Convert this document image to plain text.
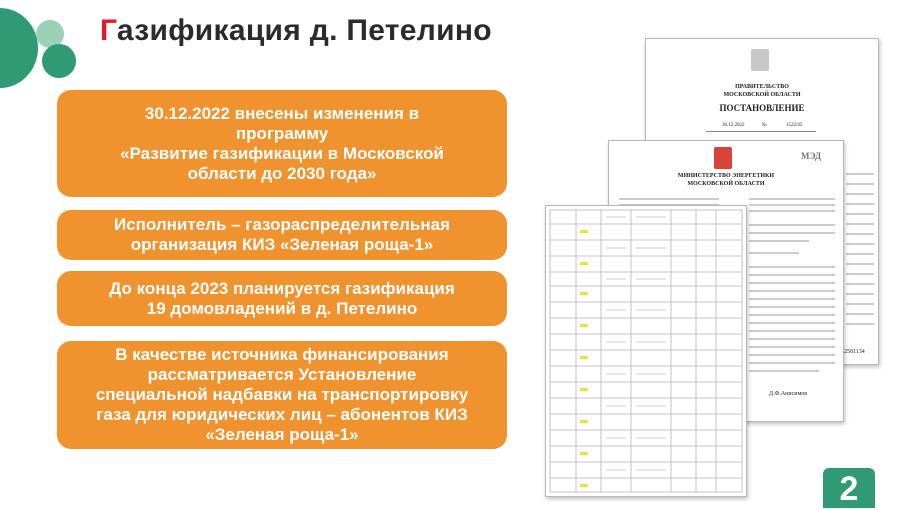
Газификация д. Петелино
30.12.2022 внесены изменения в
программу
«Развитие газификации в Московской
области до 2030 года»
Исполнитель – газораспределительная
организация КИЗ «Зеленая роща-1»
До конца 2023 планируется газификация
19 домовладений в д. Петелино
В качестве источника финансирования
рассматривается Установление
специальной надбавки на транспортировку
газа для юридических лиц – абонентов КИЗ
«Зеленая роща-1»
ПРАВИТЕЛЬСТВО
МОСКОВСКОЙ ОБЛАСТИ
ПОСТАНОВЛЕНИЕ
30.12.2022	№	1522/45
2581134
МЭД
МИНИСТЕРСТВО ЭНЕРГЕТИКИ
МОСКОВСКОЙ ОБЛАСТИ
Д.Ф.Анисимов
2
